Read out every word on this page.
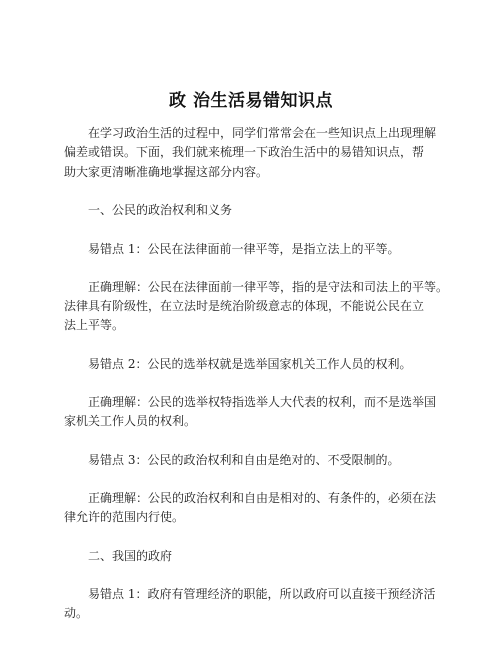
政 治生活易错知识点
在学习政治生活的过程中，同学们常常会在一些知识点上出现理解
偏差或错误。下面，我们就来梳理一下政治生活中的易错知识点，帮
助大家更清晰准确地掌握这部分内容。
一、公民的政治权利和义务
易错点 1：公民在法律面前一律平等，是指立法上的平等。
正确理解：公民在法律面前一律平等，指的是守法和司法上的平等。
法律具有阶级性，在立法时是统治阶级意志的体现，不能说公民在立
法上平等。
易错点 2：公民的选举权就是选举国家机关工作人员的权利。
正确理解：公民的选举权特指选举人大代表的权利，而不是选举国
家机关工作人员的权利。
易错点 3：公民的政治权利和自由是绝对的、不受限制的。
正确理解：公民的政治权利和自由是相对的、有条件的，必须在法
律允许的范围内行使。
二、我国的政府
易错点 1：政府有管理经济的职能，所以政府可以直接干预经济活
动。
